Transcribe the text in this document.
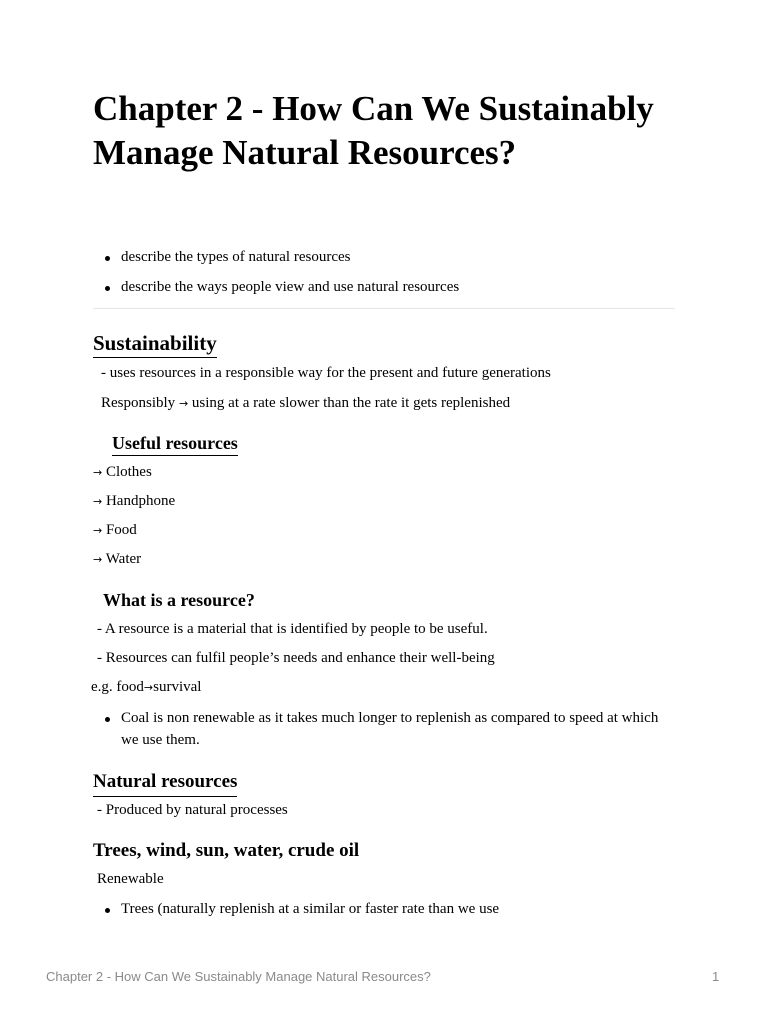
Chapter 2 - How Can We Sustainably Manage Natural Resources?
describe the types of natural resources
describe the ways people view and use natural resources
Sustainability

- uses resources in a responsible way for the present and future generations

Responsibly → using at a rate slower than the rate it gets replenished

Useful resources

→ Clothes

→ Handphone

→ Food

→ Water

What is a resource?

- A resource is a material that is identified by people to be useful.

- Resources can fulfil people’s needs and enhance their well-being

e.g. food→survival

Coal is non renewable as it takes much longer to replenish as compared to speed at which we use them.
Natural resources

- Produced by natural processes

Trees, wind, sun, water, crude oil

Renewable

Trees (naturally replenish at a similar or faster rate than we use
Chapter 2 - How Can We Sustainably Manage Natural Resources?	1
